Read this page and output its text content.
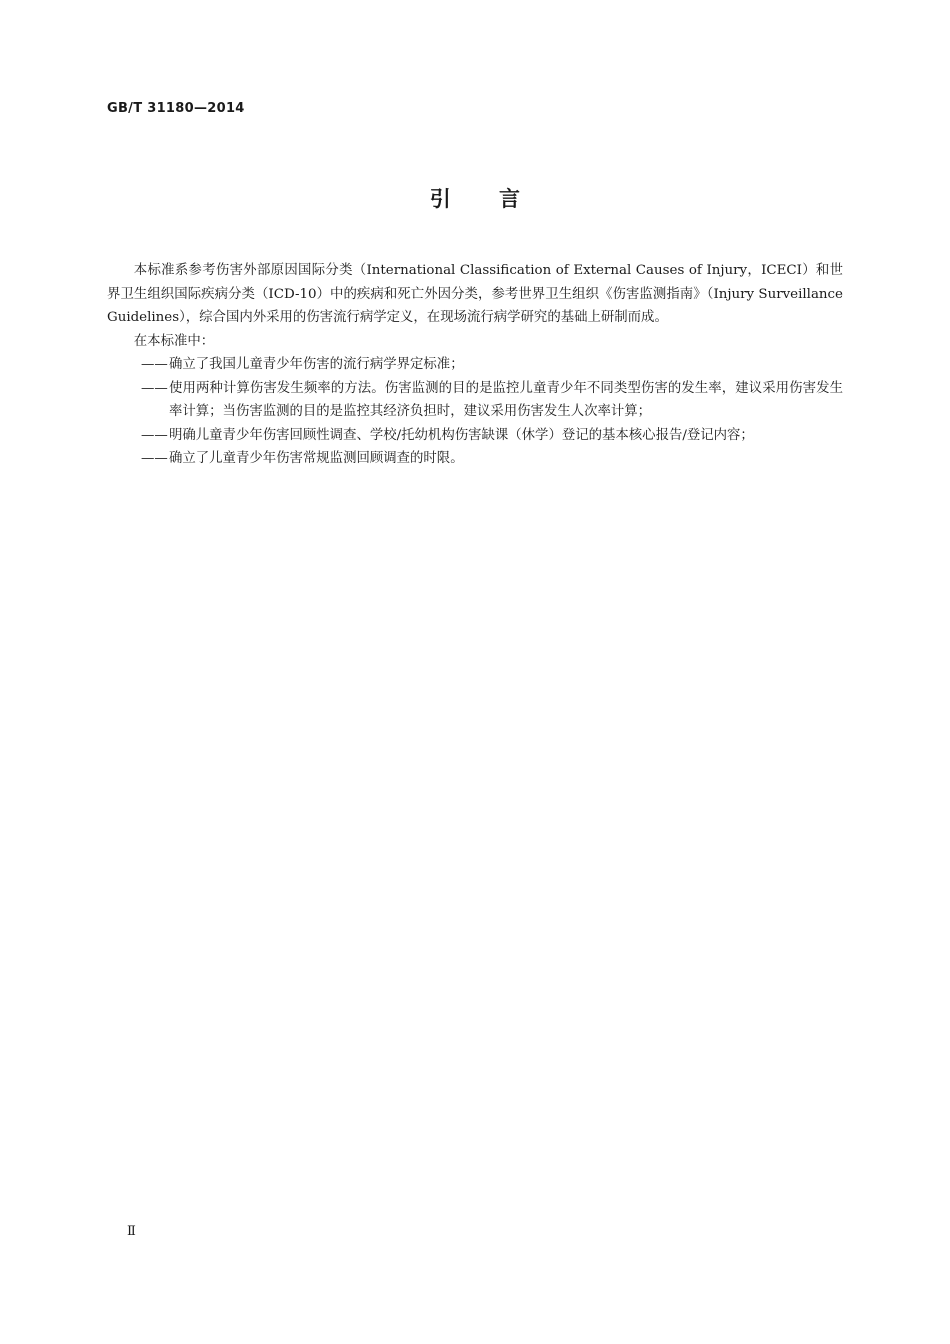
GB/T 31180—2014
引 言

本标准系参考伤害外部原因国际分类（International Classification of External Causes of Injury，ICECI）和世界卫生组织国际疾病分类（ICD-10）中的疾病和死亡外因分类，参考世界卫生组织《伤害监测指南》（Injury Surveillance Guidelines），综合国内外采用的伤害流行病学定义，在现场流行病学研究的基础上研制而成。

在本标准中：

—— 确立了我国儿童青少年伤害的流行病学界定标准；
—— 使用两种计算伤害发生频率的方法。伤害监测的目的是监控儿童青少年不同类型伤害的发生率，建议采用伤害发生率计算；当伤害监测的目的是监控其经济负担时，建议采用伤害发生人次率计算；
—— 明确儿童青少年伤害回顾性调查、学校/托幼机构伤害缺课（休学）登记的基本核心报告/登记内容；
—— 确立了儿童青少年伤害常规监测回顾调查的时限。
Ⅱ
